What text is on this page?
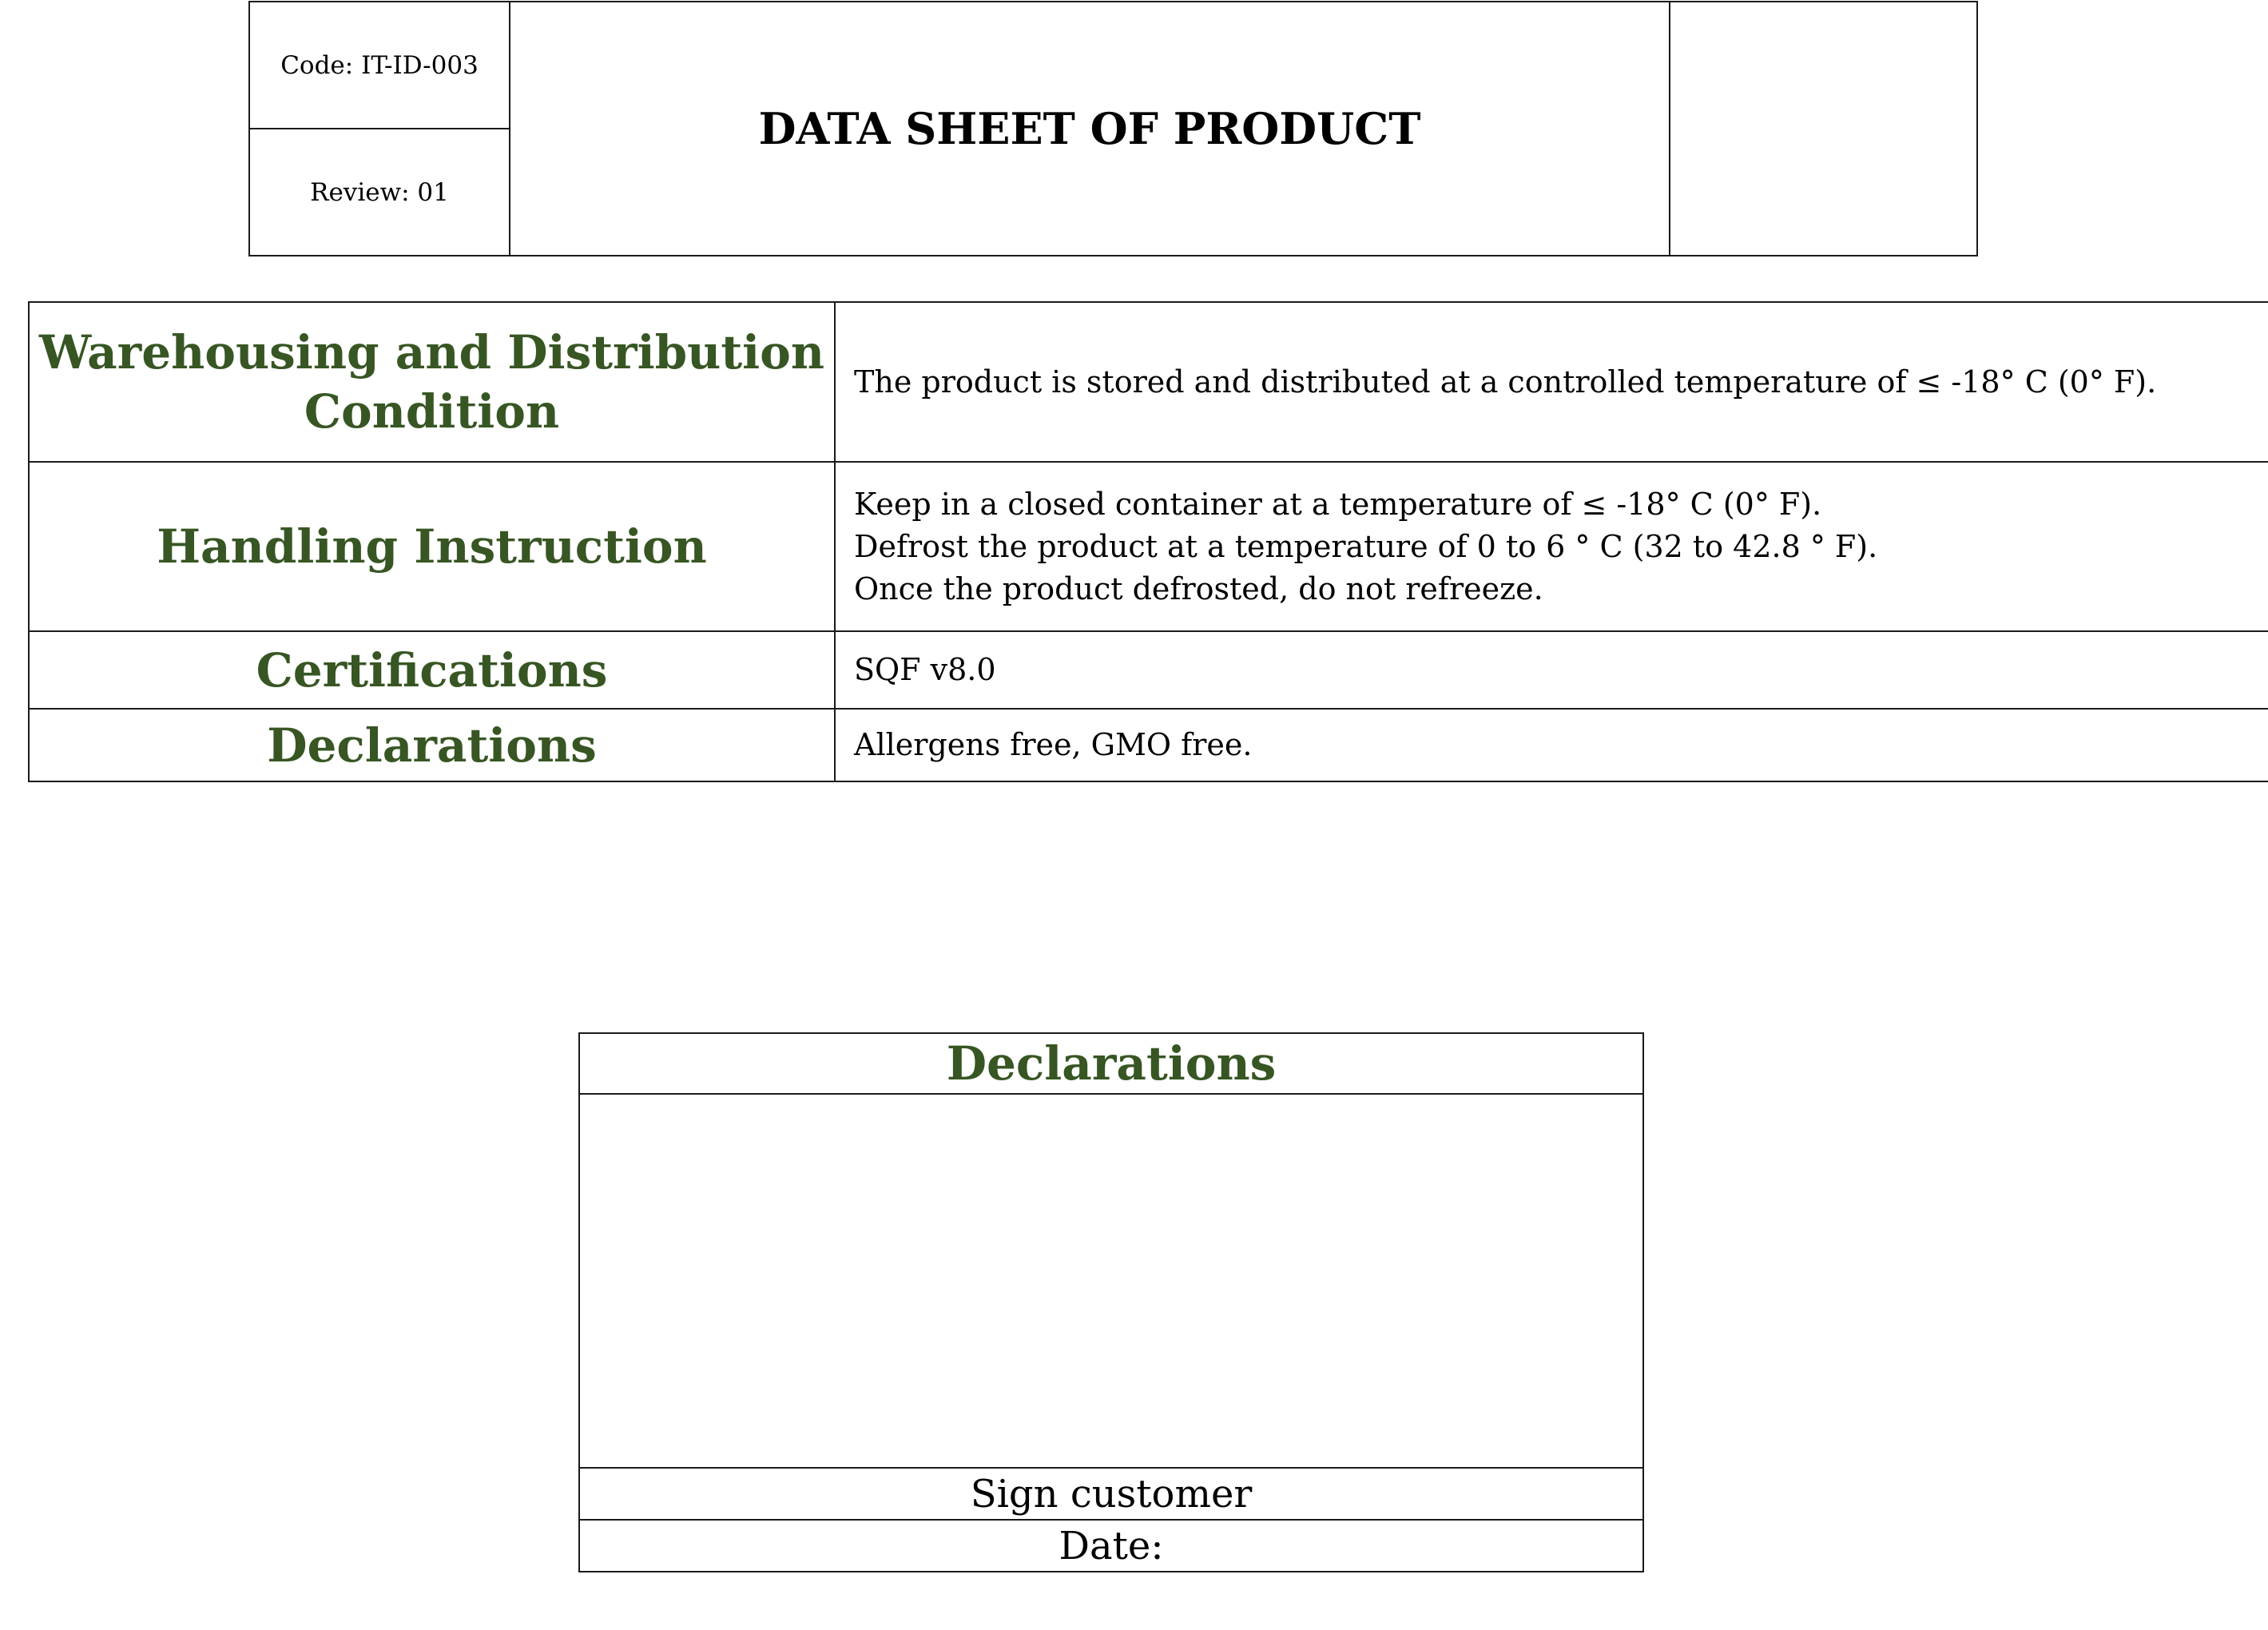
Code: IT-ID-003	DATA SHEET OF PRODUCT	
Review: 01
Warehousing and Distribution Condition	The product is stored and distributed at a controlled temperature of ≤ -18° C (0° F).
Handling Instruction	Keep in a closed container at a temperature of ≤ -18° C (0° F).
Defrost the product at a temperature of 0 to 6 ° C (32 to 42.8 ° F).
Once the product defrosted, do not refreeze.

Certifications	SQF v8.0
Declarations	Allergens free, GMO free.
Declarations

Sign customer
Date:
